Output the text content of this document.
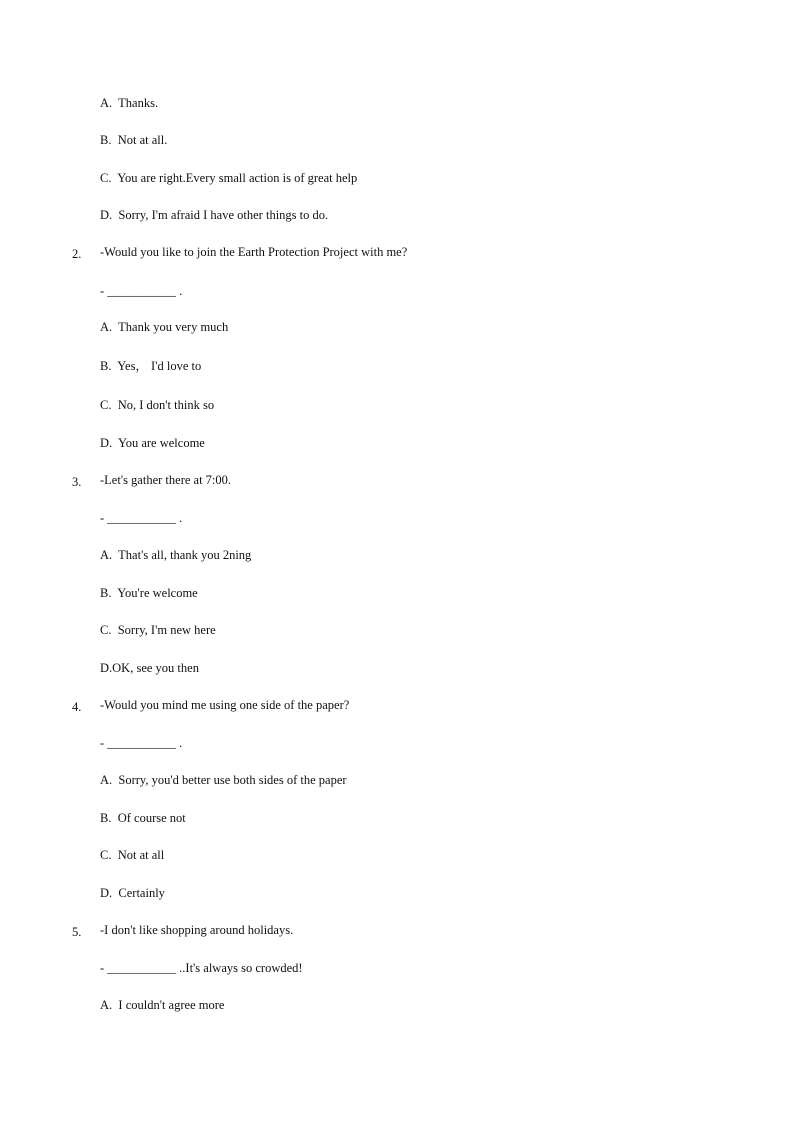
A.  Thanks.
B.  Not at all.
C.  You are right.Every small action is of great help
D.  Sorry, I'm afraid I have other things to do.
2. -Would you like to join the Earth Protection Project with me?
- ___________ .
A.  Thank you very much
B.  Yes， I'd love to
C.  No, I don't think so
D.  You are welcome
3. -Let's gather there at 7:00.
- ___________ .
A.  That's all, thank you 2ning
B.  You're welcome
C.  Sorry, I'm new here
D.OK, see you then
4. -Would you mind me using one side of the paper?
- ___________ .
A.  Sorry, you'd better use both sides of the paper
B.  Of course not
C.  Not at all
D.  Certainly
5. -I don't like shopping around holidays.
- ___________ ..It's always so crowded!
A.  I couldn't agree more
